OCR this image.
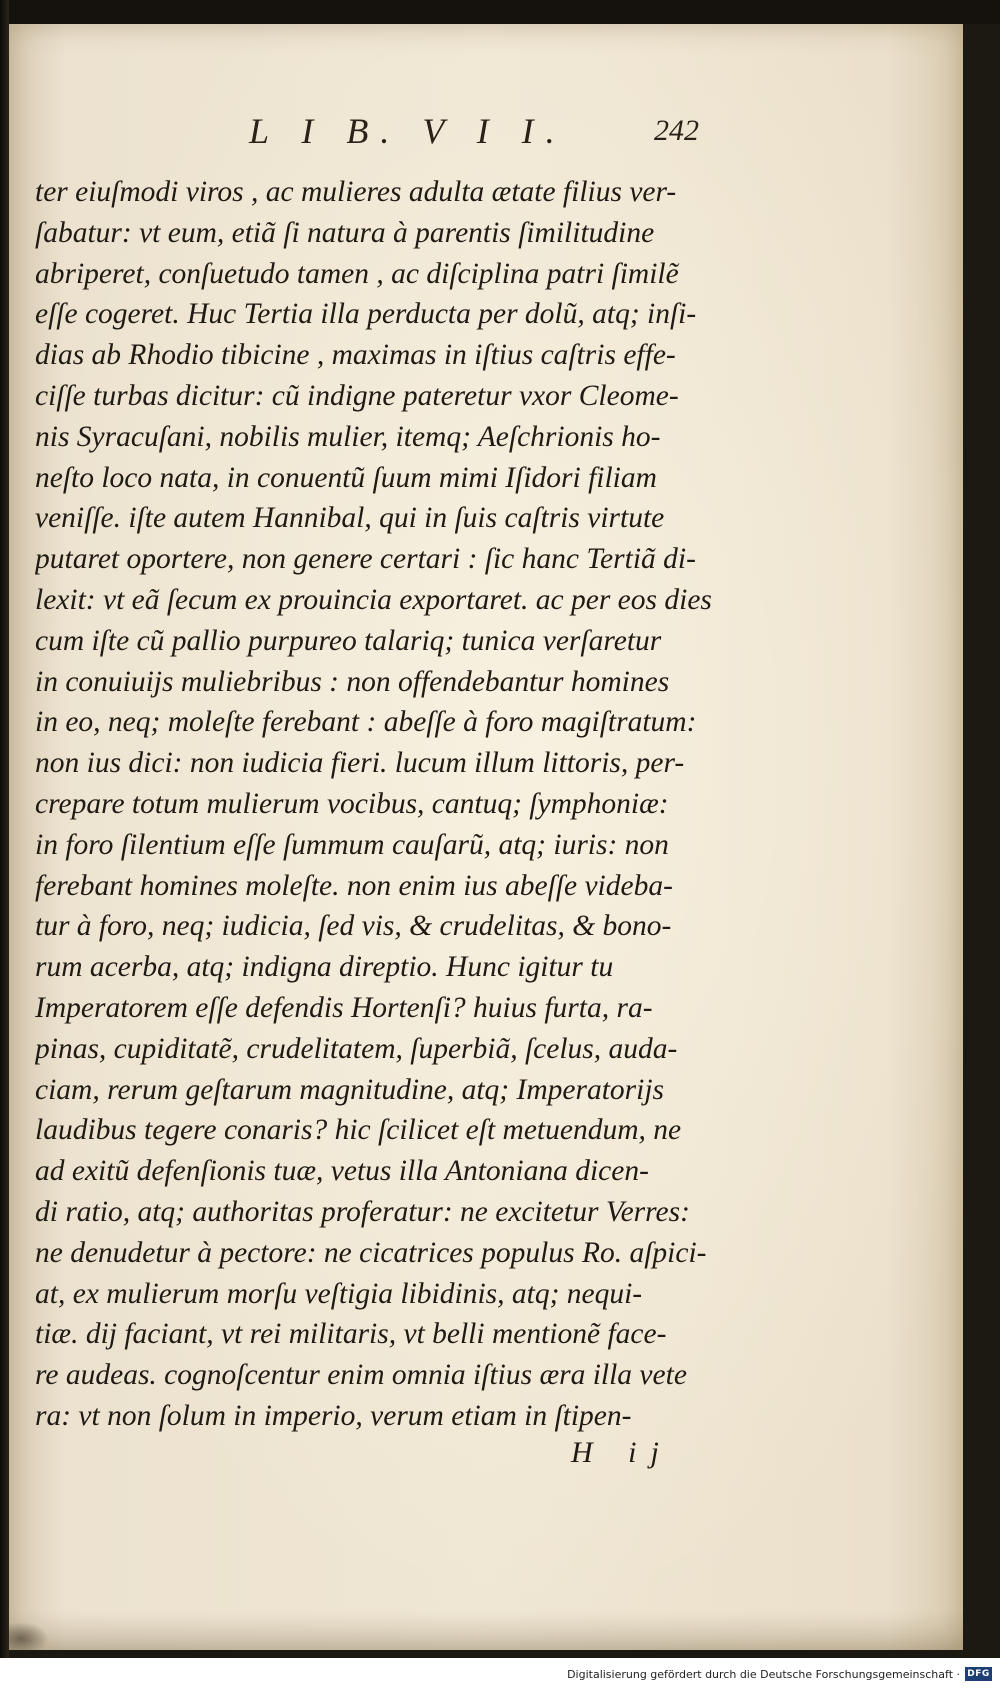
L I B. V I I.	242
ter eiuſmodi viros , ac mulieres adulta ætate filius ver-
ſabatur: vt eum, etiã ſi natura à parentis ſimilitudine
abriperet, conſuetudo tamen , ac diſciplina patri ſimilẽ
eſſe cogeret. Huc Tertia illa perducta per dolũ, atq; inſi-
dias ab Rhodio tibicine , maximas in iſtius caſtris effe-
ciſſe turbas dicitur: cũ indigne pateretur vxor Cleome-
nis Syracuſani, nobilis mulier, itemq; Aeſchrionis ho-
neſto loco nata, in conuentũ ſuum mimi Iſidori filiam
veniſſe. iſte autem Hannibal, qui in ſuis caſtris virtute
putaret oportere, non genere certari : ſic hanc Tertiã di-
lexit: vt eã ſecum ex prouincia exportaret. ac per eos dies
cum iſte cũ pallio purpureo talariq; tunica verſaretur
in conuiuijs muliebribus : non offendebantur homines
in eo, neq; moleſte ferebant : abeſſe à foro magiſtratum:
non ius dici: non iudicia fieri. lucum illum littoris, per-
crepare totum mulierum vocibus, cantuq; ſymphoniæ:
in foro ſilentium eſſe ſummum cauſarũ, atq; iuris: non
ferebant homines moleſte. non enim ius abeſſe videba-
tur à foro, neq; iudicia, ſed vis, & crudelitas, & bono-
rum acerba, atq; indigna direptio. Hunc igitur tu
Imperatorem eſſe defendis Hortenſi? huius furta, ra-
pinas, cupiditatẽ, crudelitatem, ſuperbiã, ſcelus, auda-
ciam, rerum geſtarum magnitudine, atq; Imperatorijs
laudibus tegere conaris? hic ſcilicet eſt metuendum, ne
ad exitũ defenſionis tuæ, vetus illa Antoniana dicen-
di ratio, atq; authoritas proferatur: ne excitetur Verres:
ne denudetur à pectore: ne cicatrices populus Ro. aſpici-
at, ex mulierum morſu veſtigia libidinis, atq; nequi-
tiæ. dij faciant, vt rei militaris, vt belli mentionẽ face-
re audeas. cognoſcentur enim omnia iſtius æra illa vete
ra: vt non ſolum in imperio, verum etiam in ſtipen-
H ij
Digitalisierung gefördert durch die Deutsche Forschungsgemeinschaft · DFG
